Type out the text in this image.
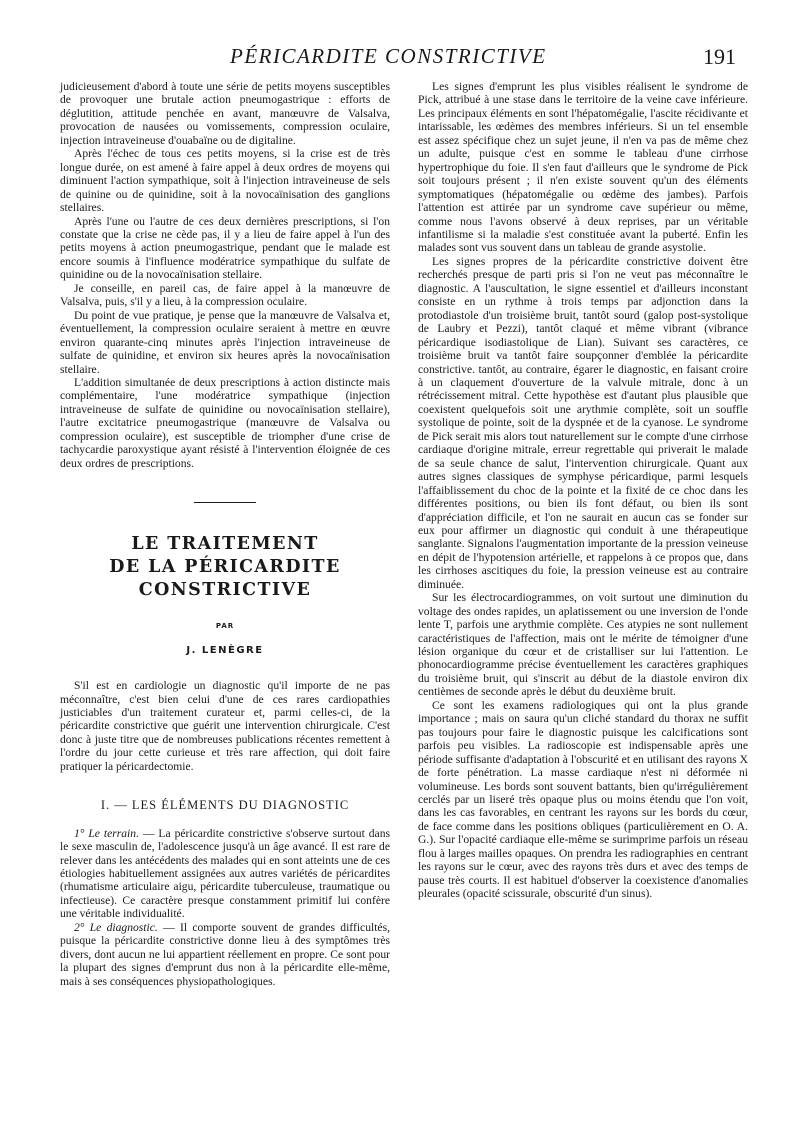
PÉRICARDITE CONSTRICTIVE	191

judicieusement d'abord à toute une série de petits moyens susceptibles de provoquer une brutale action pneumogastrique : efforts de déglutition, attitude penchée en avant, manœuvre de Valsalva, provocation de nausées ou vomissements, compression oculaire, injection intraveineuse d'ouabaïne ou de digitaline.

Après l'échec de tous ces petits moyens, si la crise est de très longue durée, on est amené à faire appel à deux ordres de moyens qui diminuent l'action sympathique, soit à l'injection intraveineuse de sels de quinine ou de quinidine, soit à la novocaïnisation des ganglions stellaires.

Après l'une ou l'autre de ces deux dernières prescriptions, si l'on constate que la crise ne cède pas, il y a lieu de faire appel à l'un des petits moyens à action pneumogastrique, pendant que le malade est encore soumis à l'influence modératrice sympathique du sulfate de quinidine ou de la novocaïnisation stellaire.

Je conseille, en pareil cas, de faire appel à la manœuvre de Valsalva, puis, s'il y a lieu, à la compression oculaire.

Du point de vue pratique, je pense que la manœuvre de Valsalva et, éventuellement, la compression oculaire seraient à mettre en œuvre environ quarante-cinq minutes après l'injection intraveineuse de sulfate de quinidine, et environ six heures après la novocaïnisation stellaire.

L'addition simultanée de deux prescriptions à action distincte mais complémentaire, l'une modératrice sympathique (injection intraveineuse de sulfate de quinidine ou novocaïnisation stellaire), l'autre excitatrice pneumogastrique (manœuvre de Valsalva ou compression oculaire), est susceptible de triompher d'une crise de tachycardie paroxystique ayant résisté à l'intervention éloignée de ces deux ordres de prescriptions.

LE TRAITEMENT
DE LA PÉRICARDITE
CONSTRICTIVE
PAR
J. LENÈGRE

S'il est en cardiologie un diagnostic qu'il importe de ne pas méconnaître, c'est bien celui d'une de ces rares cardiopathies justiciables d'un traitement curateur et, parmi celles-ci, de la péricardite constrictive que guérit une intervention chirurgicale. C'est donc à juste titre que de nombreuses publications récentes remettent à l'ordre du jour cette curieuse et très rare affection, qui doit faire pratiquer la péricardectomie.

I. — LES ÉLÉMENTS DU DIAGNOSTIC

1° Le terrain. — La péricardite constrictive s'observe surtout dans le sexe masculin de, l'adolescence jusqu'à un âge avancé. Il est rare de relever dans les antécédents des malades qui en sont atteints une de ces étiologies habituellement assignées aux autres variétés de péricardites (rhumatisme articulaire aigu, péricardite tuberculeuse, traumatique ou infectieuse). Ce caractère presque constamment primitif lui confère une véritable individualité.

2° Le diagnostic. — Il comporte souvent de grandes difficultés, puisque la péricardite constrictive donne lieu à des symptômes très divers, dont aucun ne lui appartient réellement en propre. Ce sont pour la plupart des signes d'emprunt dus non à la péricardite elle-même, mais à ses conséquences physiopathologiques.

Les signes d'emprunt les plus visibles réalisent le syndrome de Pick, attribué à une stase dans le territoire de la veine cave inférieure. Les principaux éléments en sont l'hépatomégalie, l'ascite récidivante et intarissable, les œdèmes des membres inférieurs. Si un tel ensemble est assez spécifique chez un sujet jeune, il n'en va pas de même chez un adulte, puisque c'est en somme le tableau d'une cirrhose hypertrophique du foie. Il s'en faut d'ailleurs que le syndrome de Pick soit toujours présent ; il n'en existe souvent qu'un des éléments symptomatiques (hépatomégalie ou œdème des jambes). Parfois l'attention est attirée par un syndrome cave supérieur ou même, comme nous l'avons observé à deux reprises, par un véritable infantilisme si la maladie s'est constituée avant la puberté. Enfin les malades sont vus souvent dans un tableau de grande asystolie.

Les signes propres de la péricardite constrictive doivent être recherchés presque de parti pris si l'on ne veut pas méconnaître le diagnostic. A l'auscultation, le signe essentiel et d'ailleurs inconstant consiste en un rythme à trois temps par adjonction dans la protodiastole d'un troisième bruit, tantôt sourd (galop post-systolique de Laubry et Pezzi), tantôt claqué et même vibrant (vibrance péricardique isodiastolique de Lian). Suivant ses caractères, ce troisième bruit va tantôt faire soupçonner d'emblée la péricardite constrictive. tantôt, au contraire, égarer le diagnostic, en faisant croire à un claquement d'ouverture de la valvule mitrale, donc à un rétrécissement mitral. Cette hypothèse est d'autant plus plausible que coexistent quelquefois soit une arythmie complète, soit un souffle systolique de pointe, soit de la dyspnée et de la cyanose. Le syndrome de Pick serait mis alors tout naturellement sur le compte d'une cirrhose cardiaque d'origine mitrale, erreur regrettable qui priverait le malade de sa seule chance de salut, l'intervention chirurgicale. Quant aux autres signes classiques de symphyse péricardique, parmi lesquels l'affaiblissement du choc de la pointe et la fixité de ce choc dans les différentes positions, ou bien ils font défaut, ou bien ils sont d'appréciation difficile, et l'on ne saurait en aucun cas se fonder sur eux pour affirmer un diagnostic qui conduit à une thérapeutique sanglante. Signalons l'augmentation importante de la pression veineuse en dépit de l'hypotension artérielle, et rappelons à ce propos que, dans les cirrhoses ascitiques du foie, la pression veineuse est au contraire diminuée.

Sur les électrocardiogrammes, on voit surtout une diminution du voltage des ondes rapides, un aplatissement ou une inversion de l'onde lente T, parfois une arythmie complète. Ces atypies ne sont nullement caractéristiques de l'affection, mais ont le mérite de témoigner d'une lésion organique du cœur et de cristalliser sur lui l'attention. Le phonocardiogramme précise éventuellement les caractères graphiques du troisième bruit, qui s'inscrit au début de la diastole environ dix centièmes de seconde après le début du deuxième bruit.

Ce sont les examens radiologiques qui ont la plus grande importance ; mais on saura qu'un cliché standard du thorax ne suffit pas toujours pour faire le diagnostic puisque les calcifications sont parfois peu visibles. La radioscopie est indispensable après une période suffisante d'adaptation à l'obscurité et en utilisant des rayons X de forte pénétration. La masse cardiaque n'est ni déformée ni volumineuse. Les bords sont souvent battants, bien qu'irrégulièrement cerclés par un liseré très opaque plus ou moins étendu que l'on voit, dans les cas favorables, en centrant les rayons sur les bords du cœur, de face comme dans les positions obliques (particulièrement en O. A. G.). Sur l'opacité cardiaque elle-même se surimprime parfois un réseau flou à larges mailles opaques. On prendra les radiographies en centrant les rayons sur le cœur, avec des rayons très durs et avec des temps de pause très courts. Il est habituel d'observer la coexistence d'anomalies pleurales (opacité scissurale, obscurité d'un sinus).
